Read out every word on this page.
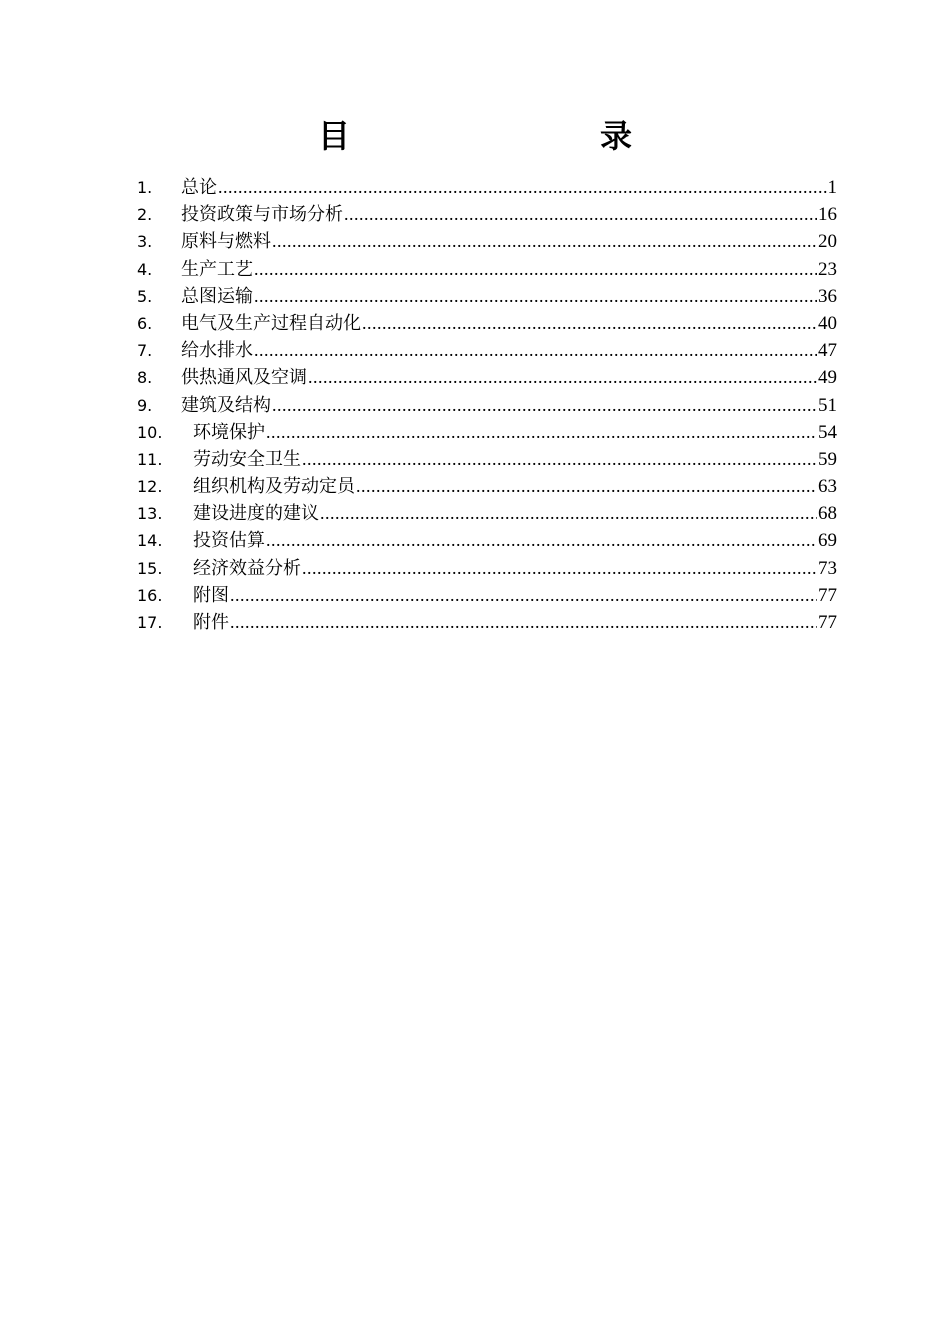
目　　录
1.	总论 .....	1
2.	投资政策与市场分析 .....	16
3.	原料与燃料 .....	20
4.	生产工艺 .....	23
5.	总图运输 .....	36
6.	电气及生产过程自动化 .....	40
7.	给水排水 .....	47
8.	供热通风及空调 .....	49
9.	建筑及结构 .....	51
10.	环境保护 .....	54
11.	劳动安全卫生 .....	59
12.	组织机构及劳动定员 .....	63
13.	建设进度的建议 .....	68
14.	投资估算 .....	69
15.	经济效益分析 .....	73
16.	附图 .....	77
17.	附件 .....	77
